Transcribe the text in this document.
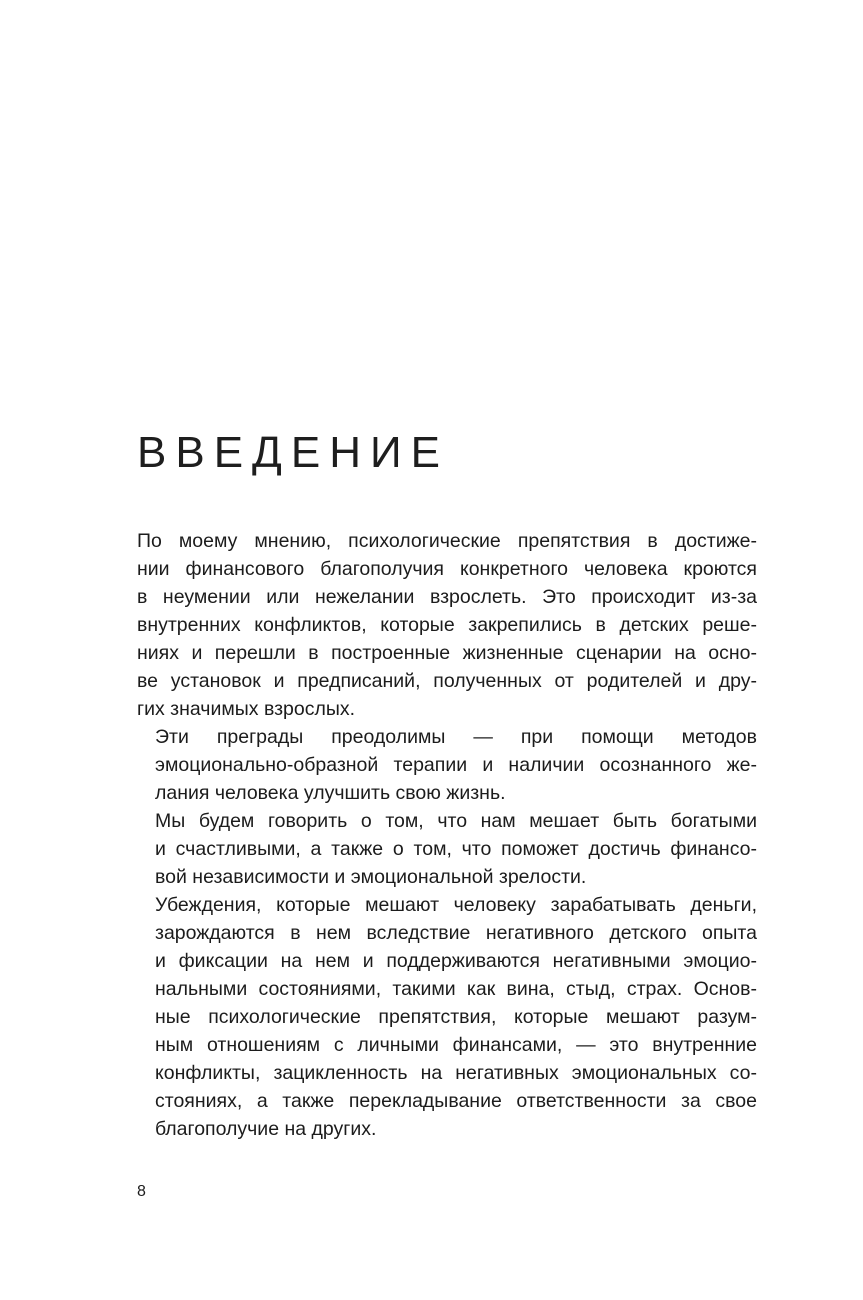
ВВЕДЕНИЕ

По моему мнению, психологические препятствия в достиже-
нии финансового благополучия конкретного человека кроются
в неумении или нежелании взрослеть. Это происходит из-за
внутренних конфликтов, которые закрепились в детских реше-
ниях и перешли в построенные жизненные сценарии на осно-
ве установок и предписаний, полученных от родителей и дру-
гих значимых взрослых.

Эти преграды преодолимы — при помощи методов
эмоционально-образной терапии и наличии осознанного же-
лания человека улучшить свою жизнь.

Мы будем говорить о том, что нам мешает быть богатыми
и счастливыми, а также о том, что поможет достичь финансо-
вой независимости и эмоциональной зрелости.

Убеждения, которые мешают человеку зарабатывать деньги,
зарождаются в нем вследствие негативного детского опыта
и фиксации на нем и поддерживаются негативными эмоцио-
нальными состояниями, такими как вина, стыд, страх. Основ-
ные психологические препятствия, которые мешают разум-
ным отношениям с личными финансами, — это внутренние
конфликты, зацикленность на негативных эмоциональных со-
стояниях, а также перекладывание ответственности за свое
благополучие на других.

8
